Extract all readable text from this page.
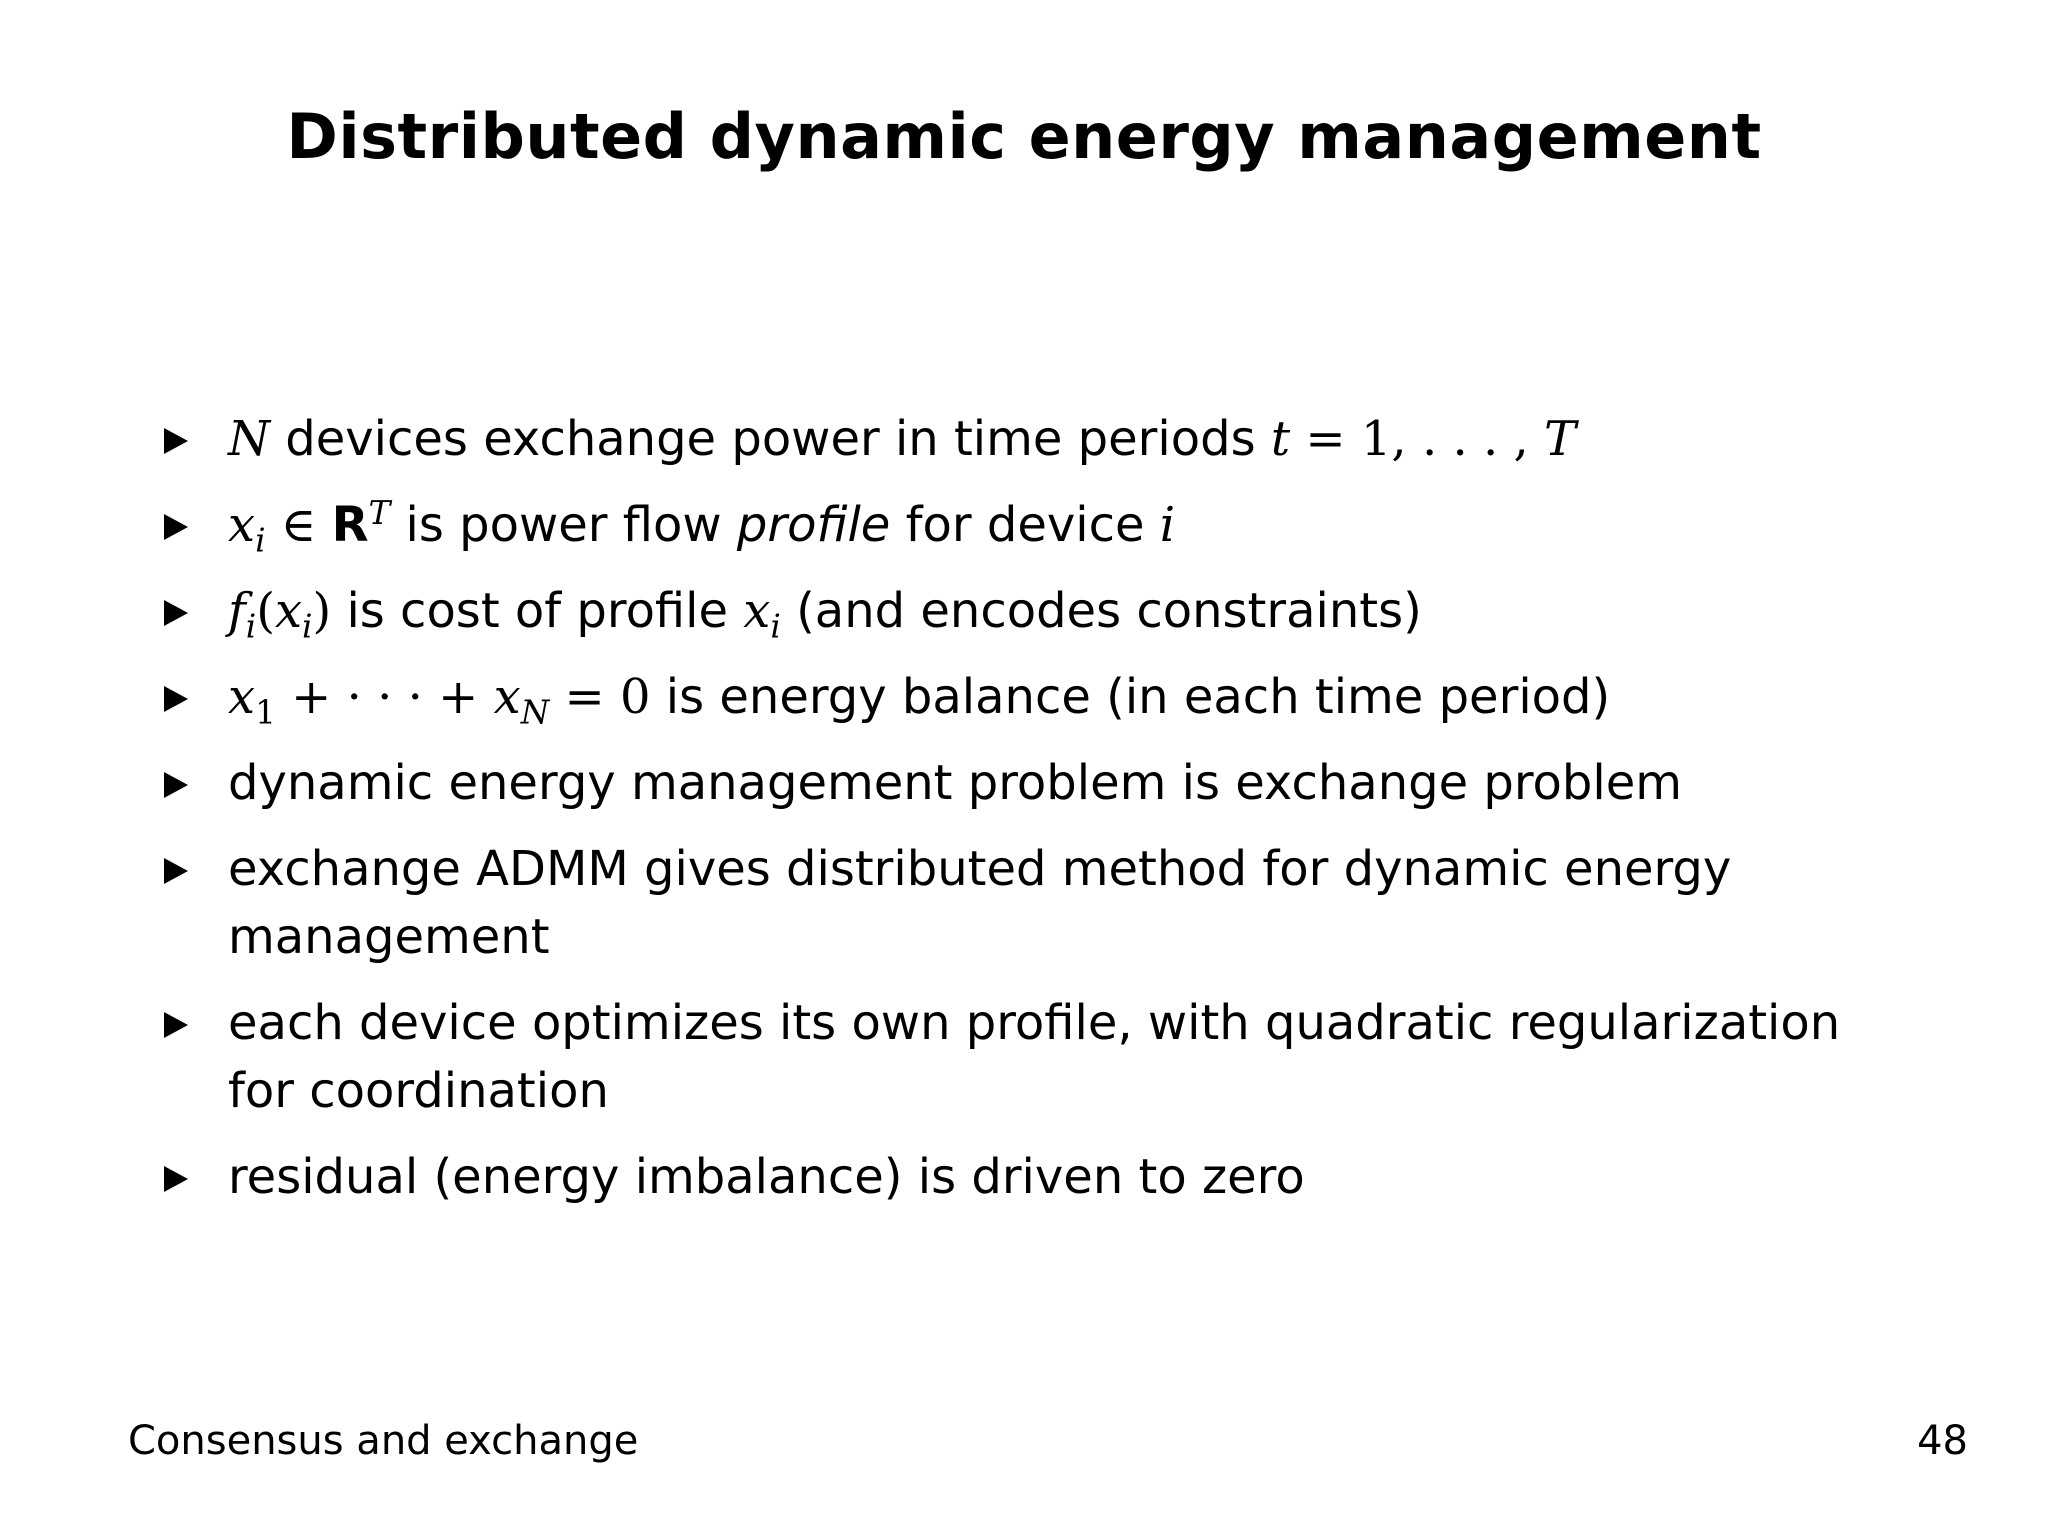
Distributed dynamic energy management
N devices exchange power in time periods t = 1, . . . , T
$x_i$ ∈ $R^T$ is power flow profile for device i
$f_i(x_i)$ is cost of profile $x_i$ (and encodes constraints)
$x_1$ + · · · + $x_N = 0$ is energy balance (in each time period)
dynamic energy management problem is exchange problem
exchange ADMM gives distributed method for dynamic energy management
each device optimizes its own profile, with quadratic regularization for coordination
residual (energy imbalance) is driven to zero
Consensus and exchange	48
